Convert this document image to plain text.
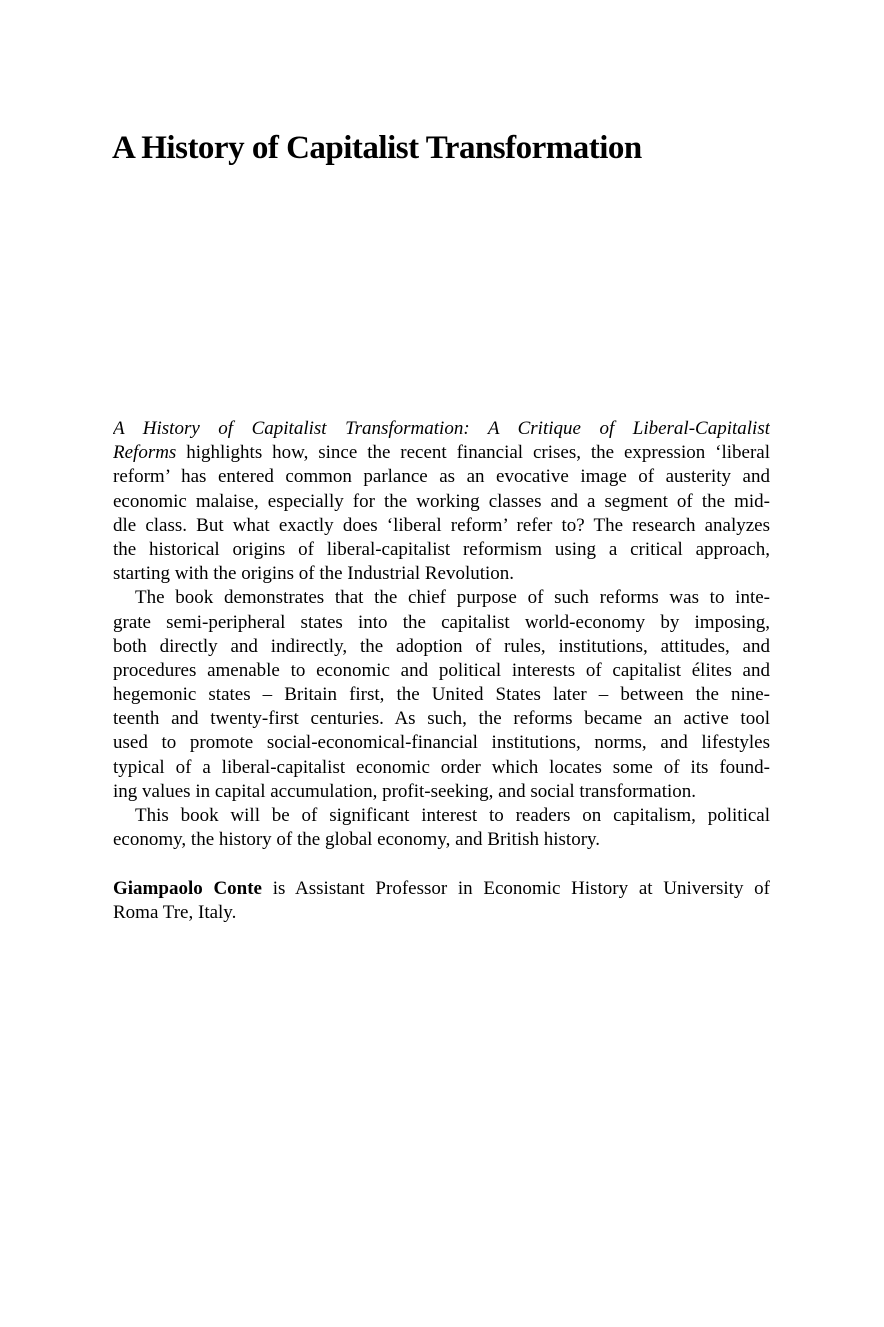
A History of Capitalist Transformation
A History of Capitalist Transformation: A Critique of Liberal-Capitalist
Reforms highlights how, since the recent financial crises, the expression ‘liberal
reform’ has entered common parlance as an evocative image of austerity and
economic malaise, especially for the working classes and a segment of the mid-
dle class. But what exactly does ‘liberal reform’ refer to? The research analyzes
the historical origins of liberal-capitalist reformism using a critical approach,
starting with the origins of the Industrial Revolution.
The book demonstrates that the chief purpose of such reforms was to inte-
grate semi-peripheral states into the capitalist world-economy by imposing,
both directly and indirectly, the adoption of rules, institutions, attitudes, and
procedures amenable to economic and political interests of capitalist élites and
hegemonic states – Britain first, the United States later – between the nine-
teenth and twenty-first centuries. As such, the reforms became an active tool
used to promote social-economical-financial institutions, norms, and lifestyles
typical of a liberal-capitalist economic order which locates some of its found-
ing values in capital accumulation, profit-seeking, and social transformation.
This book will be of significant interest to readers on capitalism, political
economy, the history of the global economy, and British history.
Giampaolo Conte is Assistant Professor in Economic History at University of
Roma Tre, Italy.
